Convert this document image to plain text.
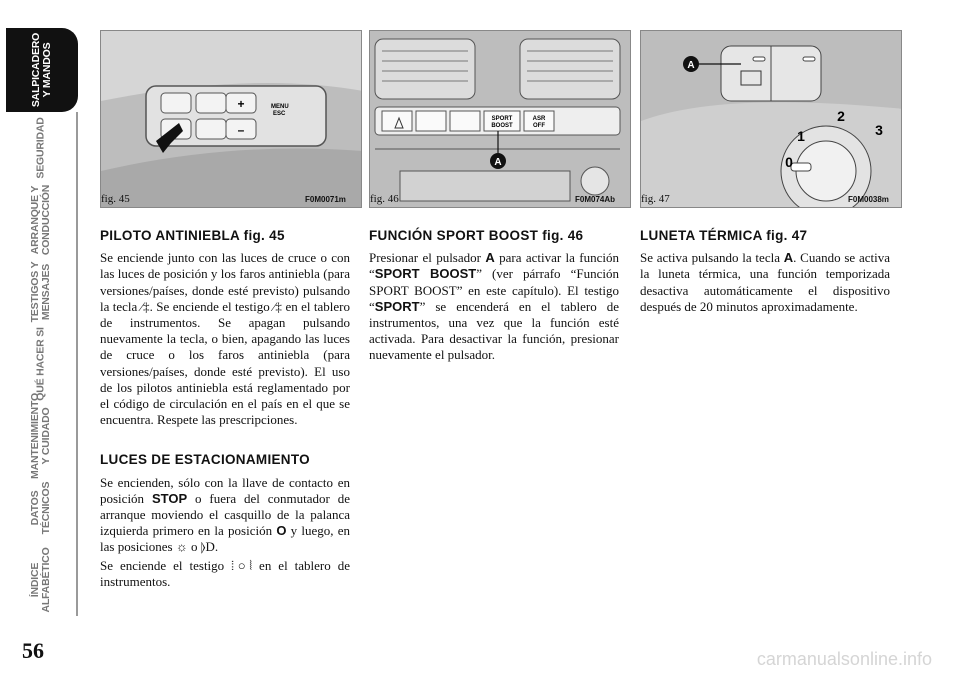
SALPICADERO
Y MANDOS
SEGURIDAD
ARRANQUE Y
CONDUCCIÓN
TESTIGOS Y
MENSAJES
QUÉ HACER SI
MANTENIMIENTO
Y CUIDADO
DATOS
TÉCNICOS
ÍNDICE
ALFABÉTICO
56
+
–
MENU
ESC
fig. 45	F0M0071m
SPORT
BOOST
ASR
OFF
A
fig. 46	F0M074Ab
1
2
3
0
A
fig. 47	F0M0038m
PILOTO ANTINIEBLA fig. 45

Se enciende junto con las luces de cruce o con las luces de posición y los faros antiniebla (para versiones/países, donde esté previsto) pulsando la tecla ⁄‡. Se enciende el testigo ⁄‡ en el tablero de instrumentos. Se apagan pulsando nuevamente la tecla, o bien, apagando las luces de cruce o los faros antiniebla (para versiones/países, donde esté previsto). El uso de los pilotos antiniebla está reglamentado por el código de circulación en el país en el que se encuentra. Respete las prescripciones.

LUCES DE ESTACIONAMIENTO

Se encienden, sólo con la llave de contacto en posición STOP o fuera del conmutador de arranque moviendo el casquillo de la palanca izquierda primero en la posición O y luego, en las posiciones ☼ o ⦊D.

Se enciende el testigo ⦙○⦚ en el tablero de instrumentos.

FUNCIÓN SPORT BOOST fig. 46

Presionar el pulsador A para activar la función “SPORT BOOST” (ver párrafo “Función SPORT BOOST” en este capítulo). El testigo “SPORT” se encenderá en el tablero de instrumentos, una vez que la función esté activada. Para desactivar la función, presionar nuevamente el pulsador.

LUNETA TÉRMICA fig. 47

Se activa pulsando la tecla A. Cuando se activa la luneta térmica, una función temporizada desactiva automáticamente el dispositivo después de 20 minutos aproximadamente.

carmanualsonline.info
